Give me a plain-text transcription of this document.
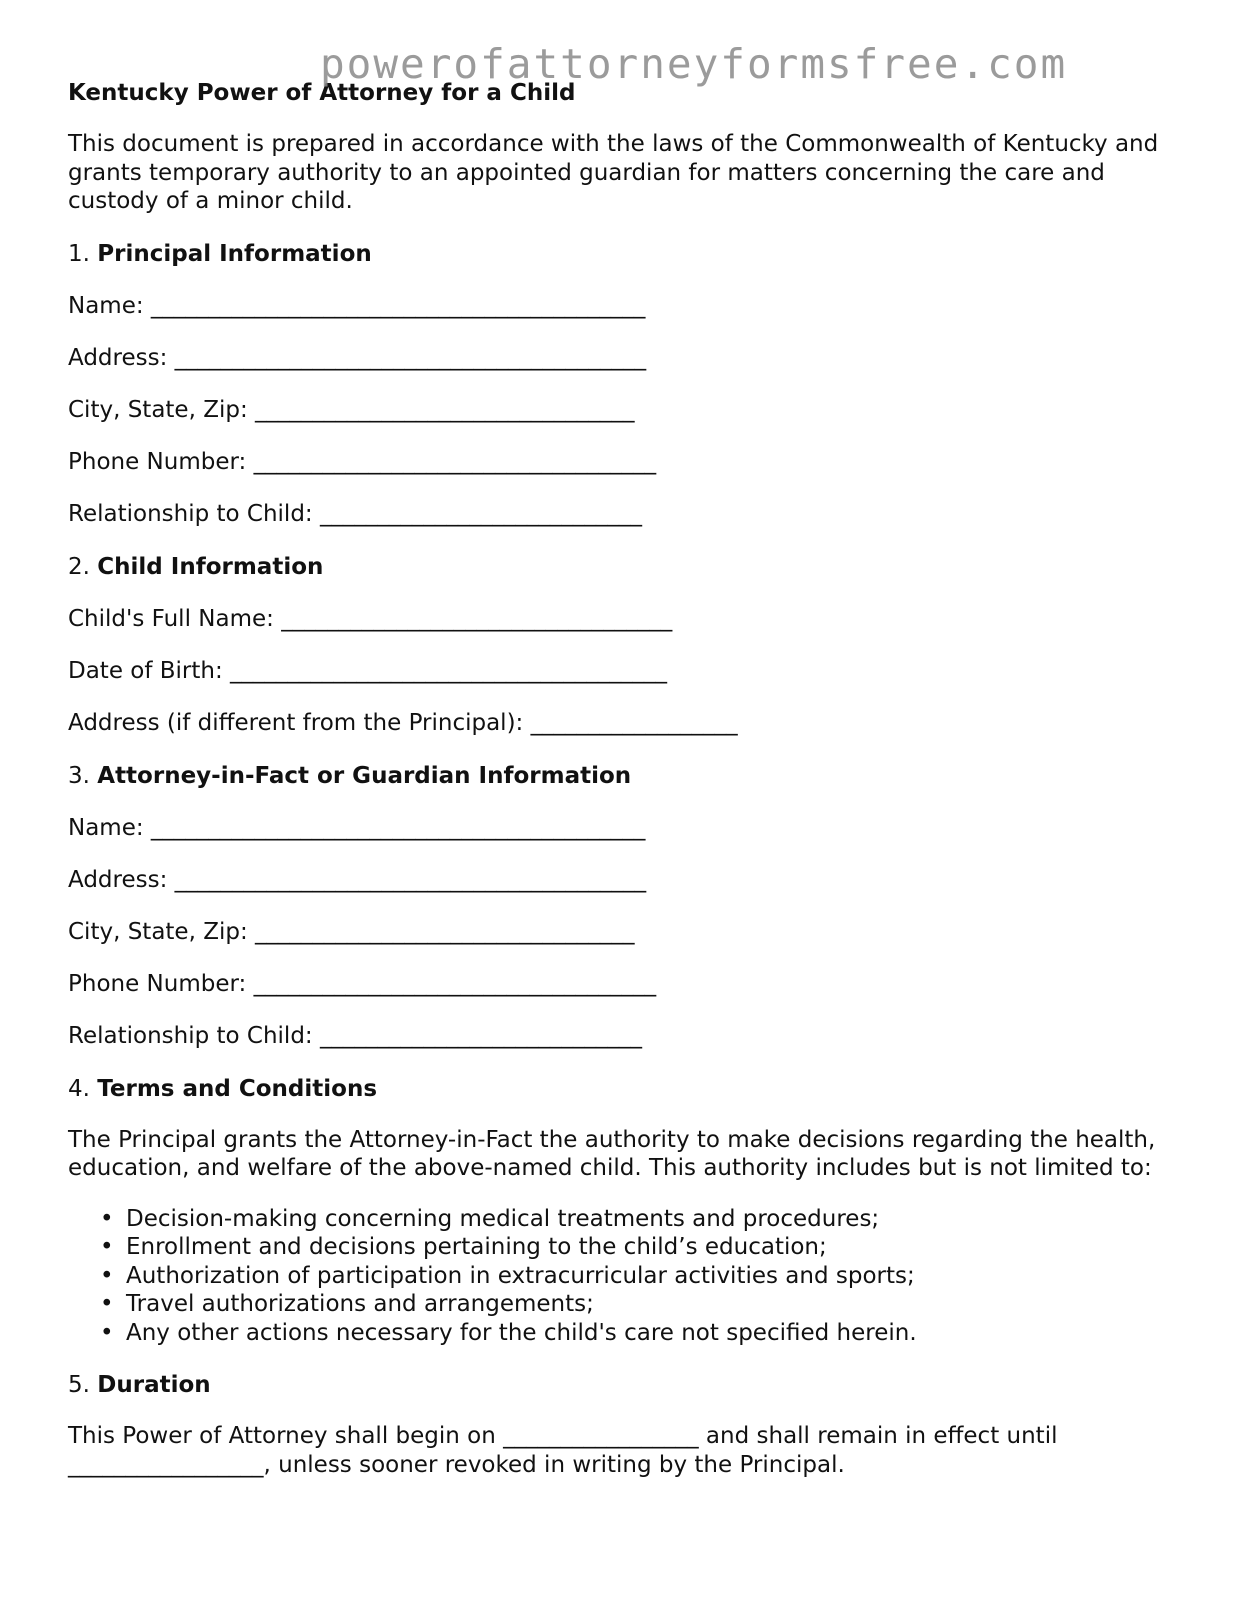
powerofattorneyformsfree.com
Kentucky Power of Attorney for a Child

This document is prepared in accordance with the laws of the Commonwealth of Kentucky and grants temporary authority to an appointed guardian for matters concerning the care and custody of a minor child.

1. Principal Information
Name: ___________________________________________
Address: _________________________________________
City, State, Zip: _________________________________
Phone Number: ___________________________________
Relationship to Child: ____________________________
2. Child Information
Child's Full Name: __________________________________
Date of Birth: ______________________________________
Address (if different from the Principal): __________________
3. Attorney-in-Fact or Guardian Information
Name: ___________________________________________
Address: _________________________________________
City, State, Zip: _________________________________
Phone Number: ___________________________________
Relationship to Child: ____________________________
4. Terms and Conditions

The Principal grants the Attorney-in-Fact the authority to make decisions regarding the health, education, and welfare of the above-named child. This authority includes but is not limited to:

• Decision-making concerning medical treatments and procedures;
• Enrollment and decisions pertaining to the child’s education;
• Authorization of participation in extracurricular activities and sports;
• Travel authorizations and arrangements;
• Any other actions necessary for the child's care not specified herein.
5. Duration

This Power of Attorney shall begin on _________________ and shall remain in effect until _________________, unless sooner revoked in writing by the Principal.
